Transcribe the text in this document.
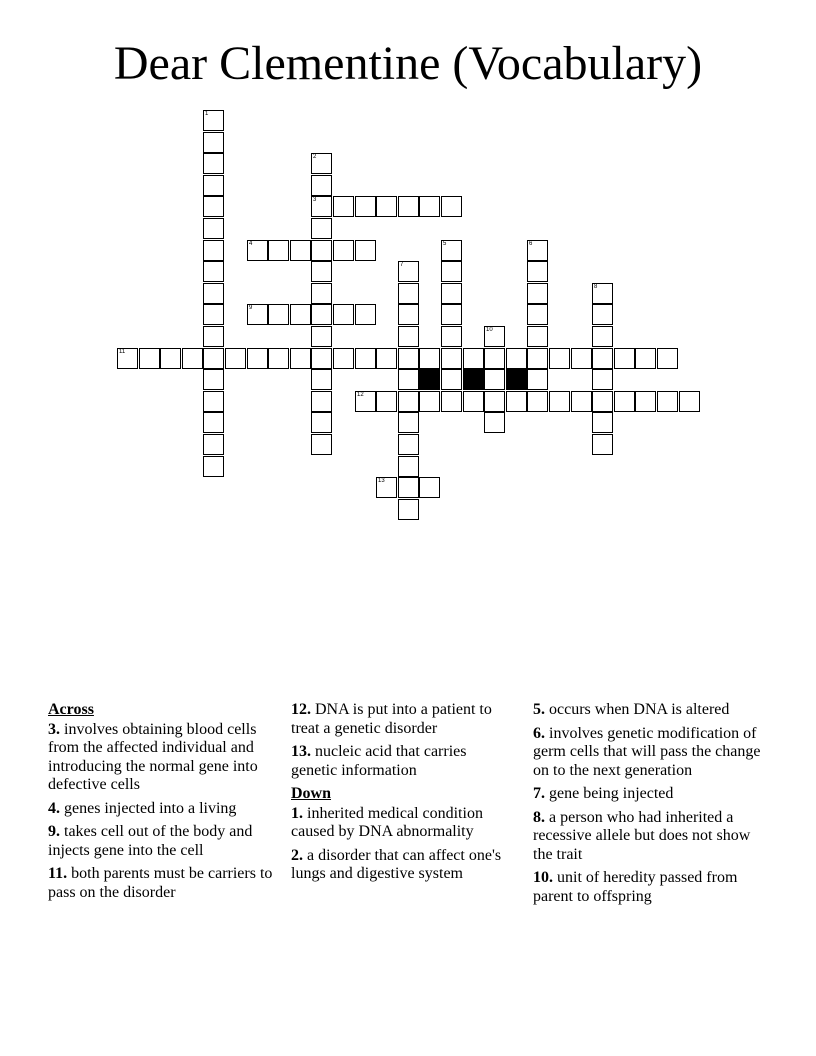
Dear Clementine (Vocabulary)
1
2
3
4	5	6
7
8
9
10
11
12
13
Across
3. involves obtaining blood cells from the affected individual and introducing the normal gene into defective cells
4. genes injected into a living
9. takes cell out of the body and injects gene into the cell
11. both parents must be carriers to pass on the disorder
12. DNA is put into a patient to treat a genetic disorder
13. nucleic acid that carries genetic information
Down
1. inherited medical condition caused by DNA abnormality
2. a disorder that can affect one's lungs and digestive system
5. occurs when DNA is altered
6. involves genetic modification of germ cells that will pass the change on to the next generation
7. gene being injected
8. a person who had inherited a recessive allele but does not show the trait
10. unit of heredity passed from parent to offspring
